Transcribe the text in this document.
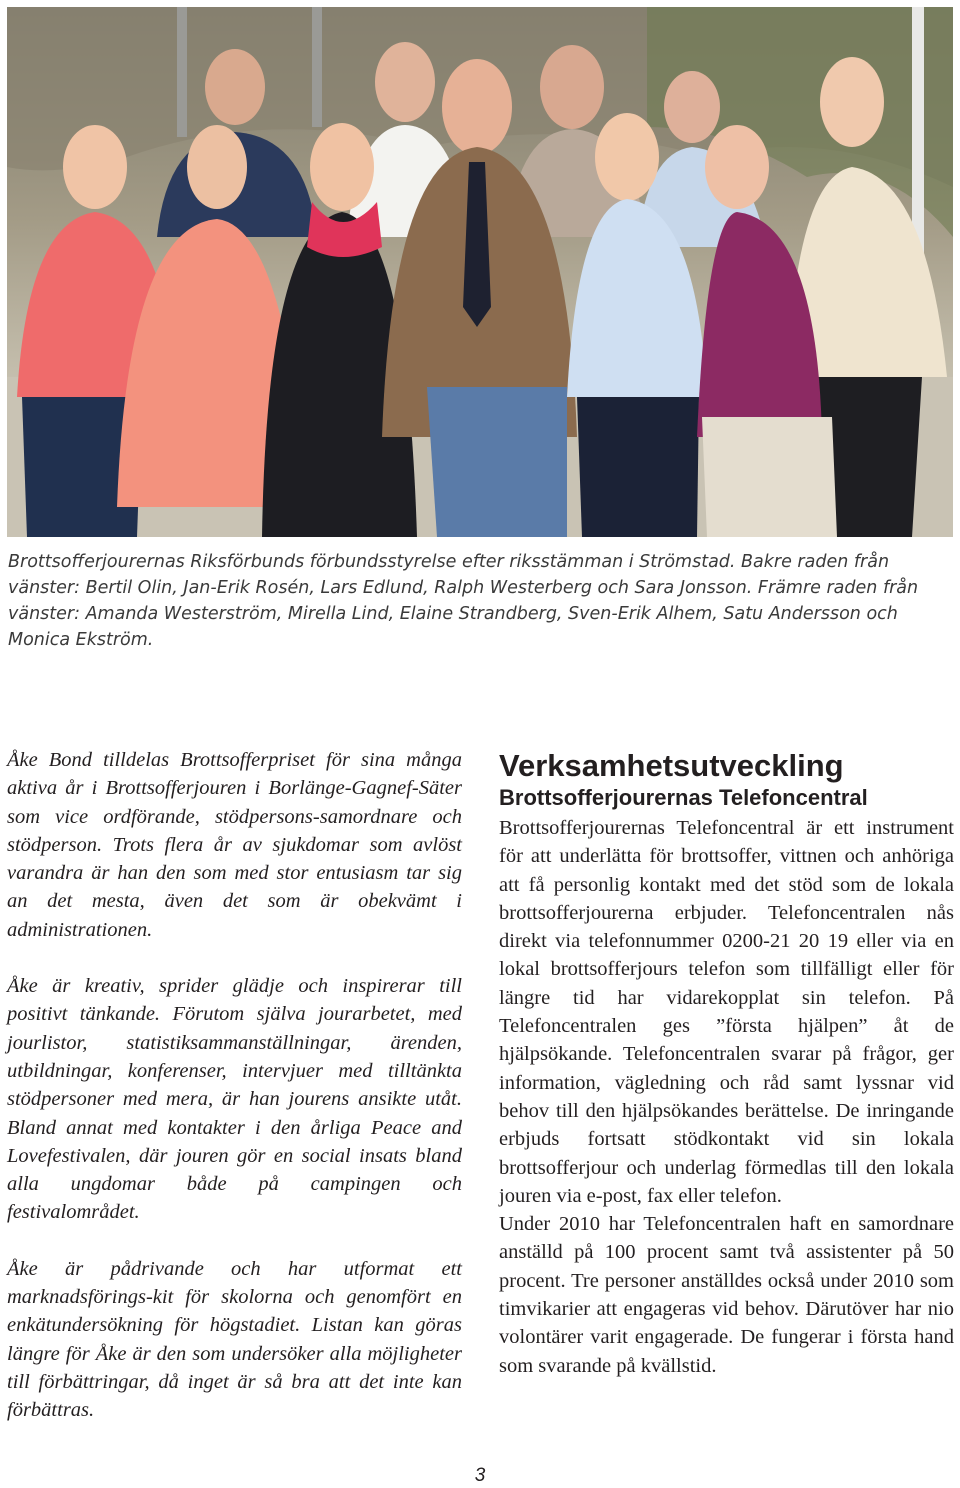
Brottsofferjourernas Riksförbunds förbundsstyrelse efter riksstämman i Strömstad. Bakre raden från vänster: Bertil Olin, Jan-Erik Rosén, Lars Edlund, Ralph Westerberg och Sara Jonsson. Främre raden från vänster: Amanda Westerström, Mirella Lind, Elaine Strandberg, Sven-Erik Alhem, Satu Andersson och Monica Ekström.

Åke Bond tilldelas Brottsofferpriset för sina många aktiva år i Brottsofferjouren i Borlänge-Gagnef-Säter som vice ordförande, stödpersons-samordnare och stödperson. Trots flera år av sjukdomar som avlöst varandra är han den som med stor entusiasm tar sig an det mesta, även det som är obekvämt i administrationen.

Åke är kreativ, sprider glädje och inspirerar till positivt tänkande. Förutom själva jourarbetet, med jourlistor, statistiksammanställningar, ärenden, utbildningar, konferenser, intervjuer med tilltänkta stödpersoner med mera, är han jourens ansikte utåt. Bland annat med kontakter i den årliga Peace and Lovefestivalen, där jouren gör en social insats bland alla ungdomar både på campingen och festivalområdet.

Åke är pådrivande och har utformat ett marknadsförings-kit för skolorna och genomfört en enkätundersökning för högstadiet. Listan kan göras längre för Åke är den som undersöker alla möjligheter till förbättringar, då inget är så bra att det inte kan förbättras.

Verksamhetsutveckling
Brottsofferjourernas Telefoncentral

Brottsofferjourernas Telefoncentral är ett instrument för att underlätta för brottsoffer, vittnen och anhöriga att få personlig kontakt med det stöd som de lokala brottsofferjourerna erbjuder. Telefoncentralen nås direkt via telefonnummer 0200-21 20 19 eller via en lokal brottsofferjours telefon som tillfälligt eller för längre tid har vidarekopplat sin telefon. På Telefoncentralen ges ”första hjälpen” åt de hjälpsökande. Telefoncentralen svarar på frågor, ger information, vägledning och råd samt lyssnar vid behov till den hjälpsökandes berättelse. De inringande erbjuds fortsatt stödkontakt vid sin lokala brottsofferjour och underlag förmedlas till den lokala jouren via e-post, fax eller telefon.

Under 2010 har Telefoncentralen haft en samordnare anställd på 100 procent samt två assistenter på 50 procent. Tre personer anställdes också under 2010 som timvikarier att engageras vid behov. Därutöver har nio volontärer varit engagerade. De fungerar i första hand som svarande på kvällstid.

3
